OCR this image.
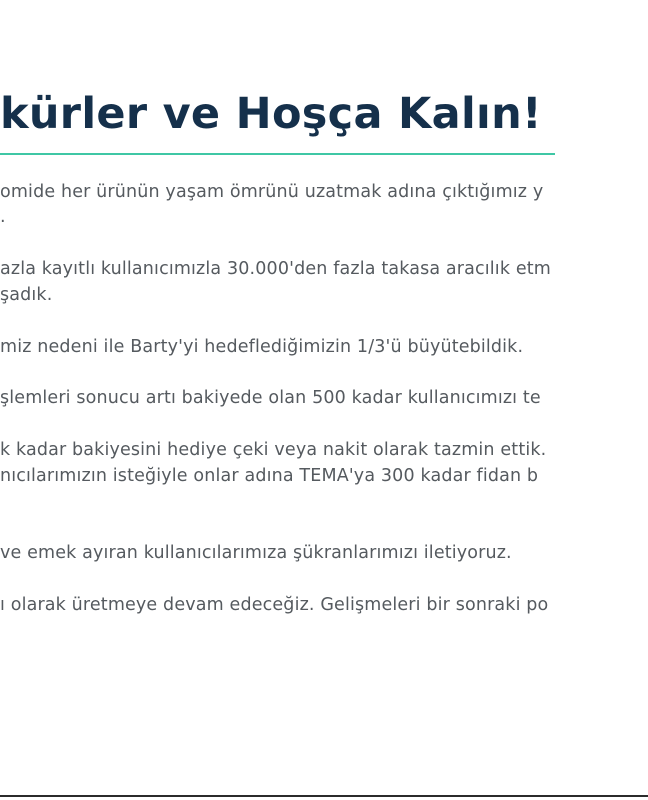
kürler ve Hoşça Kalın!
omide her ürünün yaşam ömrünü uzatmak adına çıktığımız y
.
azla kayıtlı kullanıcımızla 30.000'den fazla takasa aracılık etm
şadık.
miz nedeni ile Barty'yi hedeflediğimizin 1/3'ü büyütebildik.
şlemleri sonucu artı bakiyede olan 500 kadar kullanıcımızı te
k kadar bakiyesini hediye çeki veya nakit olarak tazmin ettik.
nıcılarımızın isteğiyle onlar adına TEMA'ya 300 kadar fidan b
ve emek ayıran kullanıcılarımıza şükranlarımızı iletiyoruz.
ı olarak üretmeye devam edeceğiz. Gelişmeleri bir sonraki po
